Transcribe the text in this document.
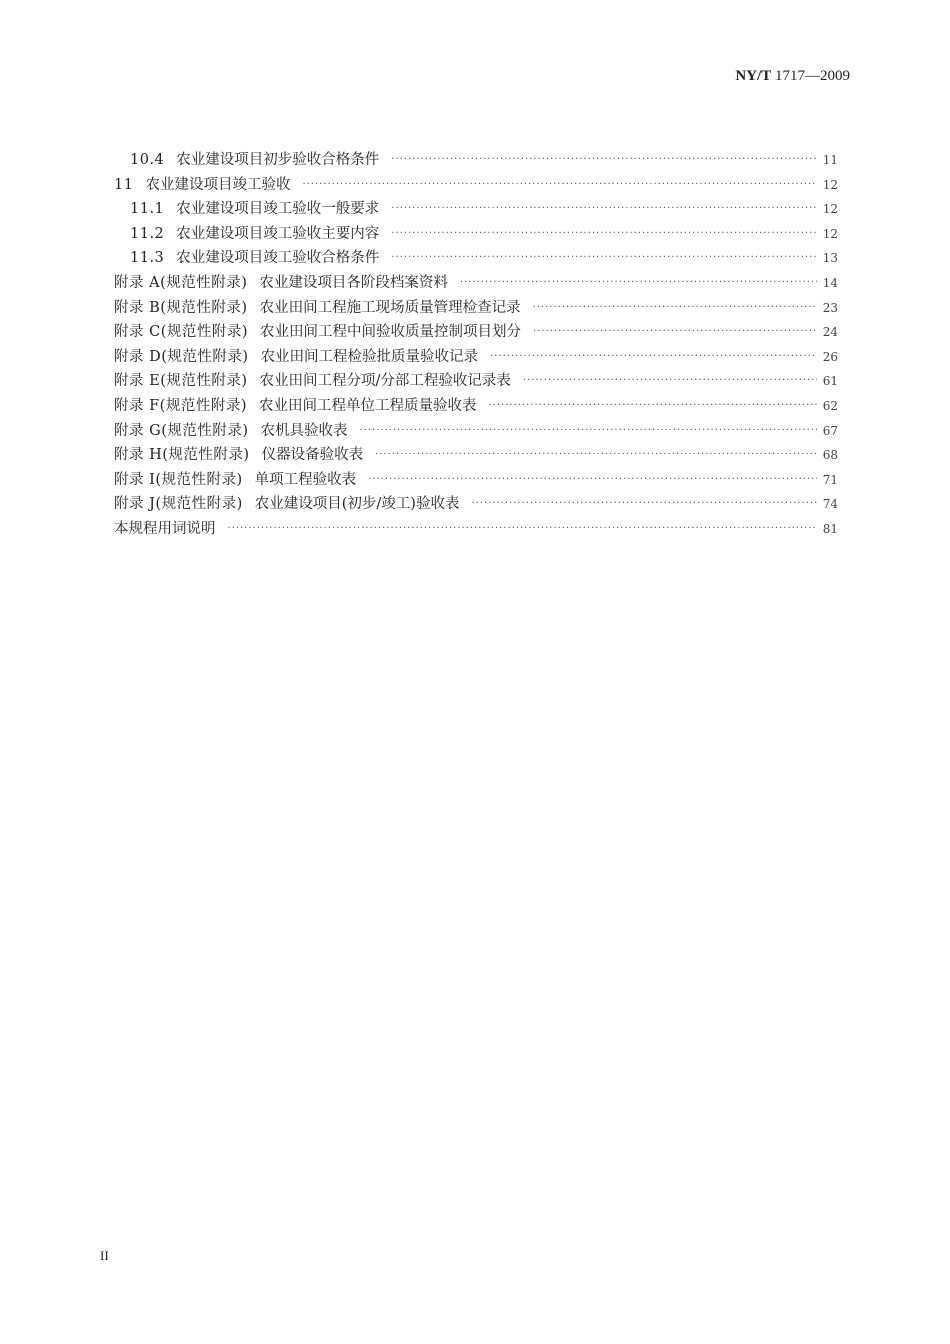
NY/T 1717—2009
10.4 农业建设项目初步验收合格条件 ·····	11
11 农业建设项目竣工验收 ·····	12
11.1 农业建设项目竣工验收一般要求 ·····	12
11.2 农业建设项目竣工验收主要内容 ·····	12
11.3 农业建设项目竣工验收合格条件 ·····	13
附录 A(规范性附录) 农业建设项目各阶段档案资料 ·····	14
附录 B(规范性附录) 农业田间工程施工现场质量管理检查记录 ·····	23
附录 C(规范性附录) 农业田间工程中间验收质量控制项目划分 ·····	24
附录 D(规范性附录) 农业田间工程检验批质量验收记录 ·····	26
附录 E(规范性附录) 农业田间工程分项/分部工程验收记录表 ·····	61
附录 F(规范性附录) 农业田间工程单位工程质量验收表 ·····	62
附录 G(规范性附录) 农机具验收表 ·····	67
附录 H(规范性附录) 仪器设备验收表 ·····	68
附录 I(规范性附录) 单项工程验收表 ·····	71
附录 J(规范性附录) 农业建设项目(初步/竣工)验收表 ·····	74
本规程用词说明 ·····	81
II
